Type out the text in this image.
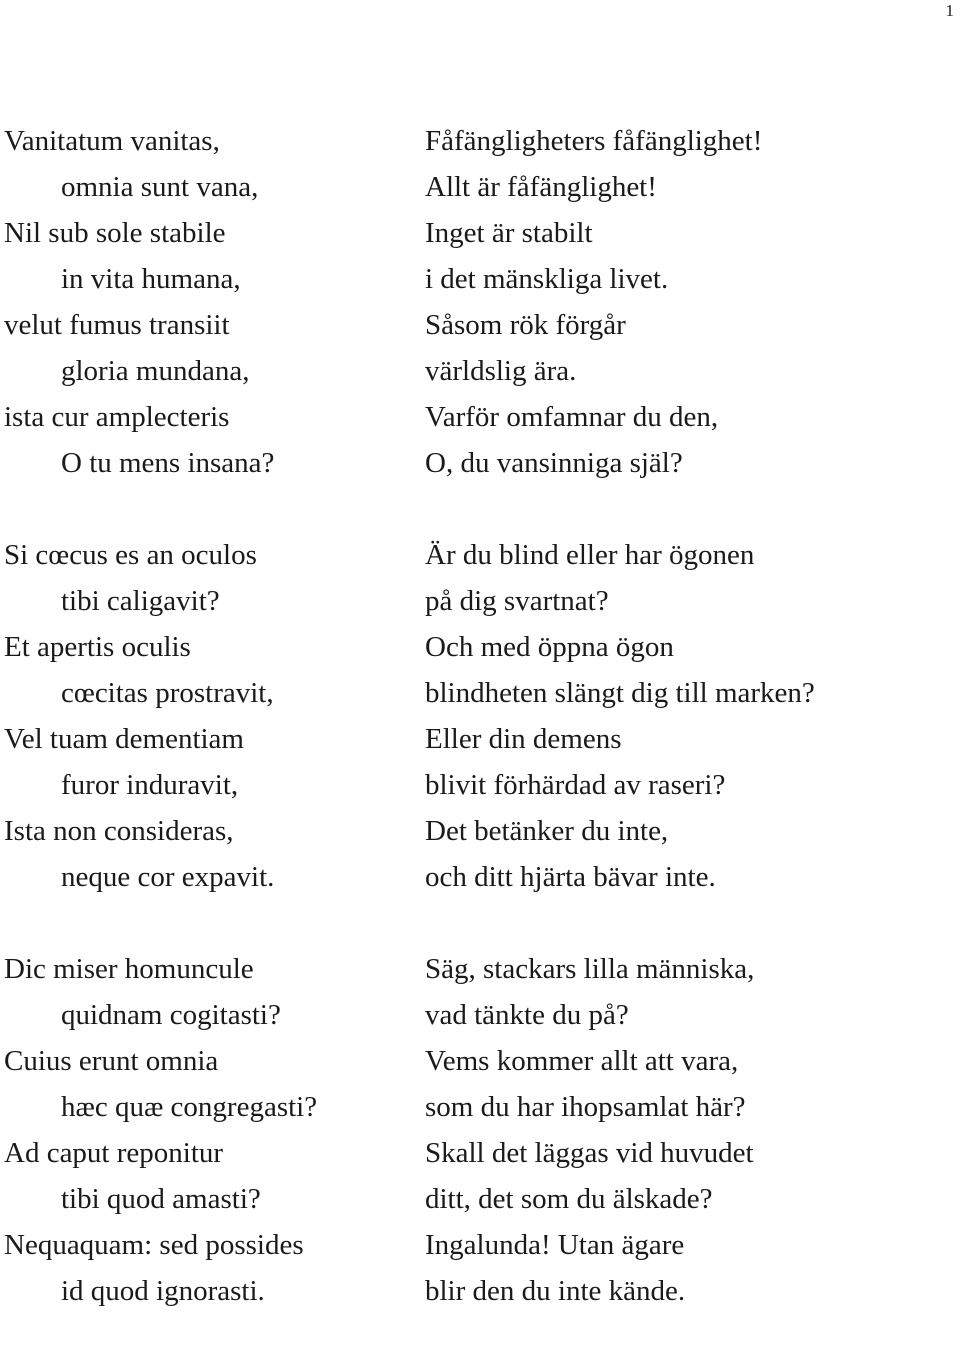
1
Vanitatum vanitas,
omnia sunt vana,
Nil sub sole stabile
in vita humana,
velut fumus transiit
gloria mundana,
ista cur amplecteris
O tu mens insana?
Si cœcus es an oculos
tibi caligavit?
Et apertis oculis
cœcitas prostravit,
Vel tuam dementiam
furor induravit,
Ista non consideras,
neque cor expavit.
Dic miser homuncule
quidnam cogitasti?
Cuius erunt omnia
hæc quæ congregasti?
Ad caput reponitur
tibi quod amasti?
Nequaquam: sed possides
id quod ignorasti.
Fåfängligheters fåfänglighet!
Allt är fåfänglighet!
Inget är stabilt
i det mänskliga livet.
Såsom rök förgår
världslig ära.
Varför omfamnar du den,
O, du vansinniga själ?
Är du blind eller har ögonen
på dig svartnat?
Och med öppna ögon
blindheten slängt dig till marken?
Eller din demens
blivit förhärdad av raseri?
Det betänker du inte,
och ditt hjärta bävar inte.
Säg, stackars lilla människa,
vad tänkte du på?
Vems kommer allt att vara,
som du har ihopsamlat här?
Skall det läggas vid huvudet
ditt, det som du älskade?
Ingalunda! Utan ägare
blir den du inte kände.
